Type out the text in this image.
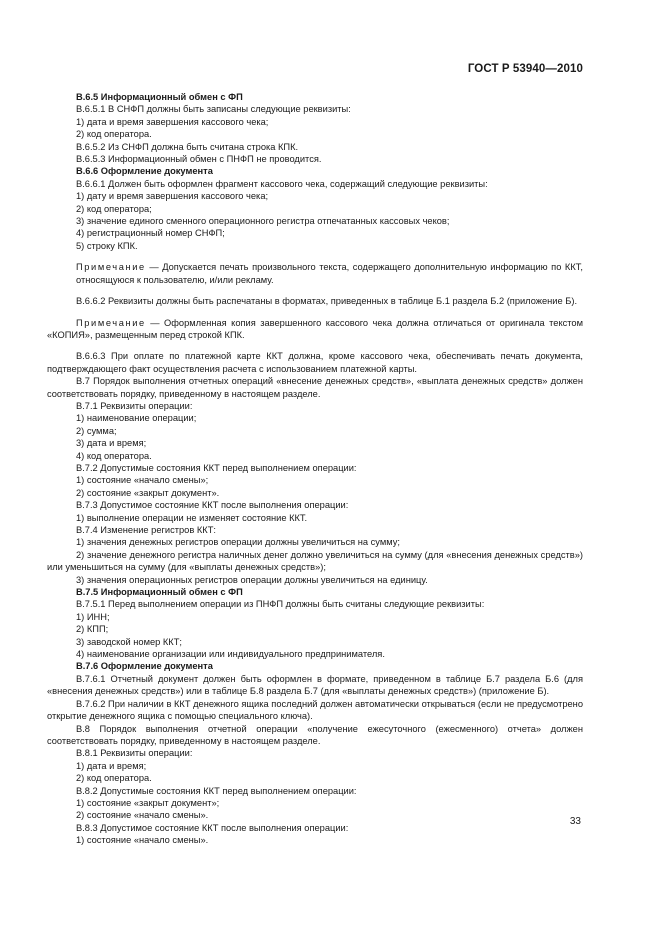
ГОСТ Р 53940—2010

В.6.5 Информационный обмен с ФП

В.6.5.1 В СНФП должны быть записаны следующие реквизиты:

1) дата и время завершения кассового чека;

2) код оператора.

В.6.5.2 Из СНФП должна быть считана строка КПК.

В.6.5.3 Информационный обмен с ПНФП не проводится.

В.6.6 Оформление документа

В.6.6.1 Должен быть оформлен фрагмент кассового чека, содержащий следующие реквизиты:

1) дату и время завершения кассового чека;

2) код оператора;

3) значение единого сменного операционного регистра отпечатанных кассовых чеков;

4) регистрационный номер СНФП;

5) строку КПК.

Примечание — Допускается печать произвольного текста, содержащего дополнительную информацию по ККТ, относящуюся к пользователю, и/или рекламу.

В.6.6.2 Реквизиты должны быть распечатаны в форматах, приведенных в таблице Б.1 раздела Б.2 (приложение Б).

Примечание — Оформленная копия завершенного кассового чека должна отличаться от оригинала текстом «КОПИЯ», размещенным перед строкой КПК.

В.6.6.3 При оплате по платежной карте ККТ должна, кроме кассового чека, обеспечивать печать документа, подтверждающего факт осуществления расчета с использованием платежной карты.

В.7 Порядок выполнения отчетных операций «внесение денежных средств», «выплата денежных средств» должен соответствовать порядку, приведенному в настоящем разделе.

В.7.1 Реквизиты операции:

1) наименование операции;

2) сумма;

3) дата и время;

4) код оператора.

В.7.2 Допустимые состояния ККТ перед выполнением операции:

1) состояние «начало смены»;

2) состояние «закрыт документ».

В.7.3 Допустимое состояние ККТ после выполнения операции:

1) выполнение операции не изменяет состояние ККТ.

В.7.4 Изменение регистров ККТ:

1) значения денежных регистров операции должны увеличиться на сумму;

2) значение денежного регистра наличных денег должно увеличиться на сумму (для «внесения денежных средств») или уменьшиться на сумму (для «выплаты денежных средств»);

3) значения операционных регистров операции должны увеличиться на единицу.

В.7.5 Информационный обмен с ФП

В.7.5.1 Перед выполнением операции из ПНФП должны быть считаны следующие реквизиты:

1) ИНН;

2) КПП;

3) заводской номер ККТ;

4) наименование организации или индивидуального предпринимателя.

В.7.6 Оформление документа

В.7.6.1 Отчетный документ должен быть оформлен в формате, приведенном в таблице Б.7 раздела Б.6 (для «внесения денежных средств») или в таблице Б.8 раздела Б.7 (для «выплаты денежных средств») (приложение Б).

В.7.6.2 При наличии в ККТ денежного ящика последний должен автоматически открываться (если не предусмотрено открытие денежного ящика с помощью специального ключа).

В.8 Порядок выполнения отчетной операции «получение ежесуточного (ежесменного) отчета» должен соответствовать порядку, приведенному в настоящем разделе.

В.8.1 Реквизиты операции:

1) дата и время;

2) код оператора.

В.8.2 Допустимые состояния ККТ перед выполнением операции:

1) состояние «закрыт документ»;

2) состояние «начало смены».

В.8.3 Допустимое состояние ККТ после выполнения операции:

1) состояние «начало смены».

33
